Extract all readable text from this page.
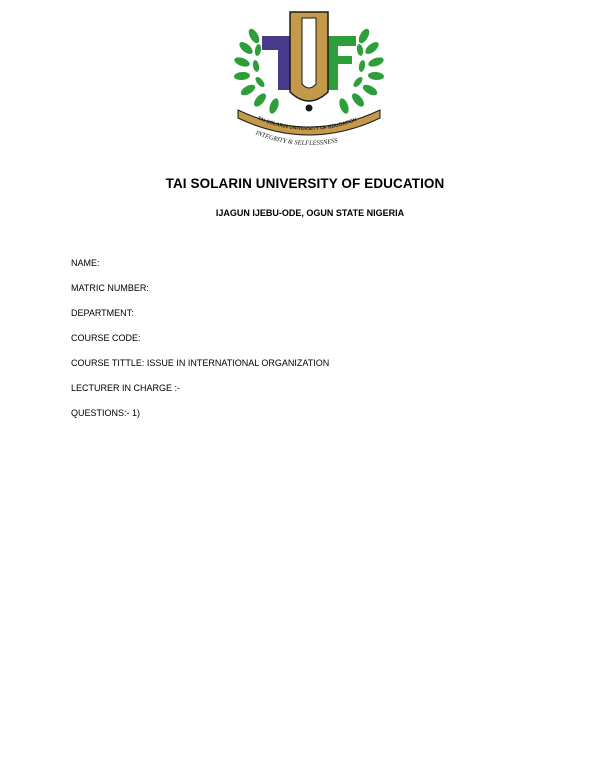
TAI SOLARIN UNIVERSITY OF EDUCATION
INTEGRITY & SELFLESSNESS
TAI SOLARIN UNIVERSITY OF EDUCATION
IJAGUN IJEBU-ODE, OGUN STATE NIGERIA
NAME:
MATRIC NUMBER:
DEPARTMENT:
COURSE CODE:
COURSE TITTLE: ISSUE IN INTERNATIONAL ORGANIZATION
LECTURER IN CHARGE :-
QUESTIONS:- 1)
